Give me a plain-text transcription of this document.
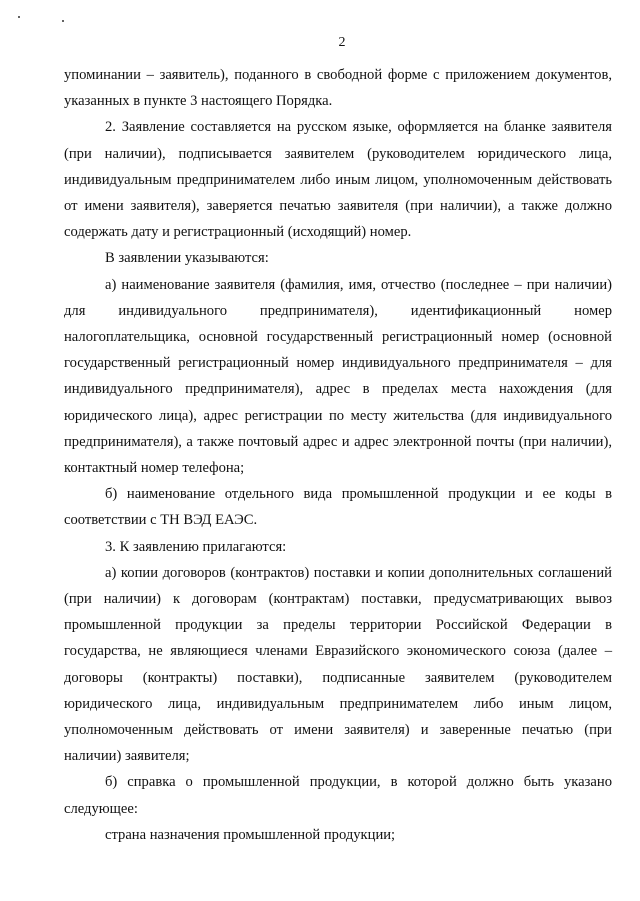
2

упоминании – заявитель), поданного в свободной форме с приложением документов, указанных в пункте 3 настоящего Порядка.

2. Заявление составляется на русском языке, оформляется на бланке заявителя (при наличии), подписывается заявителем (руководителем юридического лица, индивидуальным предпринимателем либо иным лицом, уполномоченным действовать от имени заявителя), заверяется печатью заявителя (при наличии), а также должно содержать дату и регистрационный (исходящий) номер.

В заявлении указываются:

а) наименование заявителя (фамилия, имя, отчество (последнее – при наличии) для индивидуального предпринимателя), идентификационный номер налогоплательщика, основной государственный регистрационный номер (основной государственный регистрационный номер индивидуального предпринимателя – для индивидуального предпринимателя), адрес в пределах места нахождения (для юридического лица), адрес регистрации по месту жительства (для индивидуального предпринимателя), а также почтовый адрес и адрес электронной почты (при наличии), контактный номер телефона;

б) наименование отдельного вида промышленной продукции и ее коды в соответствии с ТН ВЭД ЕАЭС.

3. К заявлению прилагаются:

а) копии договоров (контрактов) поставки и копии дополнительных соглашений (при наличии) к договорам (контрактам) поставки, предусматривающих вывоз промышленной продукции за пределы территории Российской Федерации в государства, не являющиеся членами Евразийского экономического союза (далее – договоры (контракты) поставки), подписанные заявителем (руководителем юридического лица, индивидуальным предпринимателем либо иным лицом, уполномоченным действовать от имени заявителя) и заверенные печатью (при наличии) заявителя;

б) справка о промышленной продукции, в которой должно быть указано следующее:

страна назначения промышленной продукции;
